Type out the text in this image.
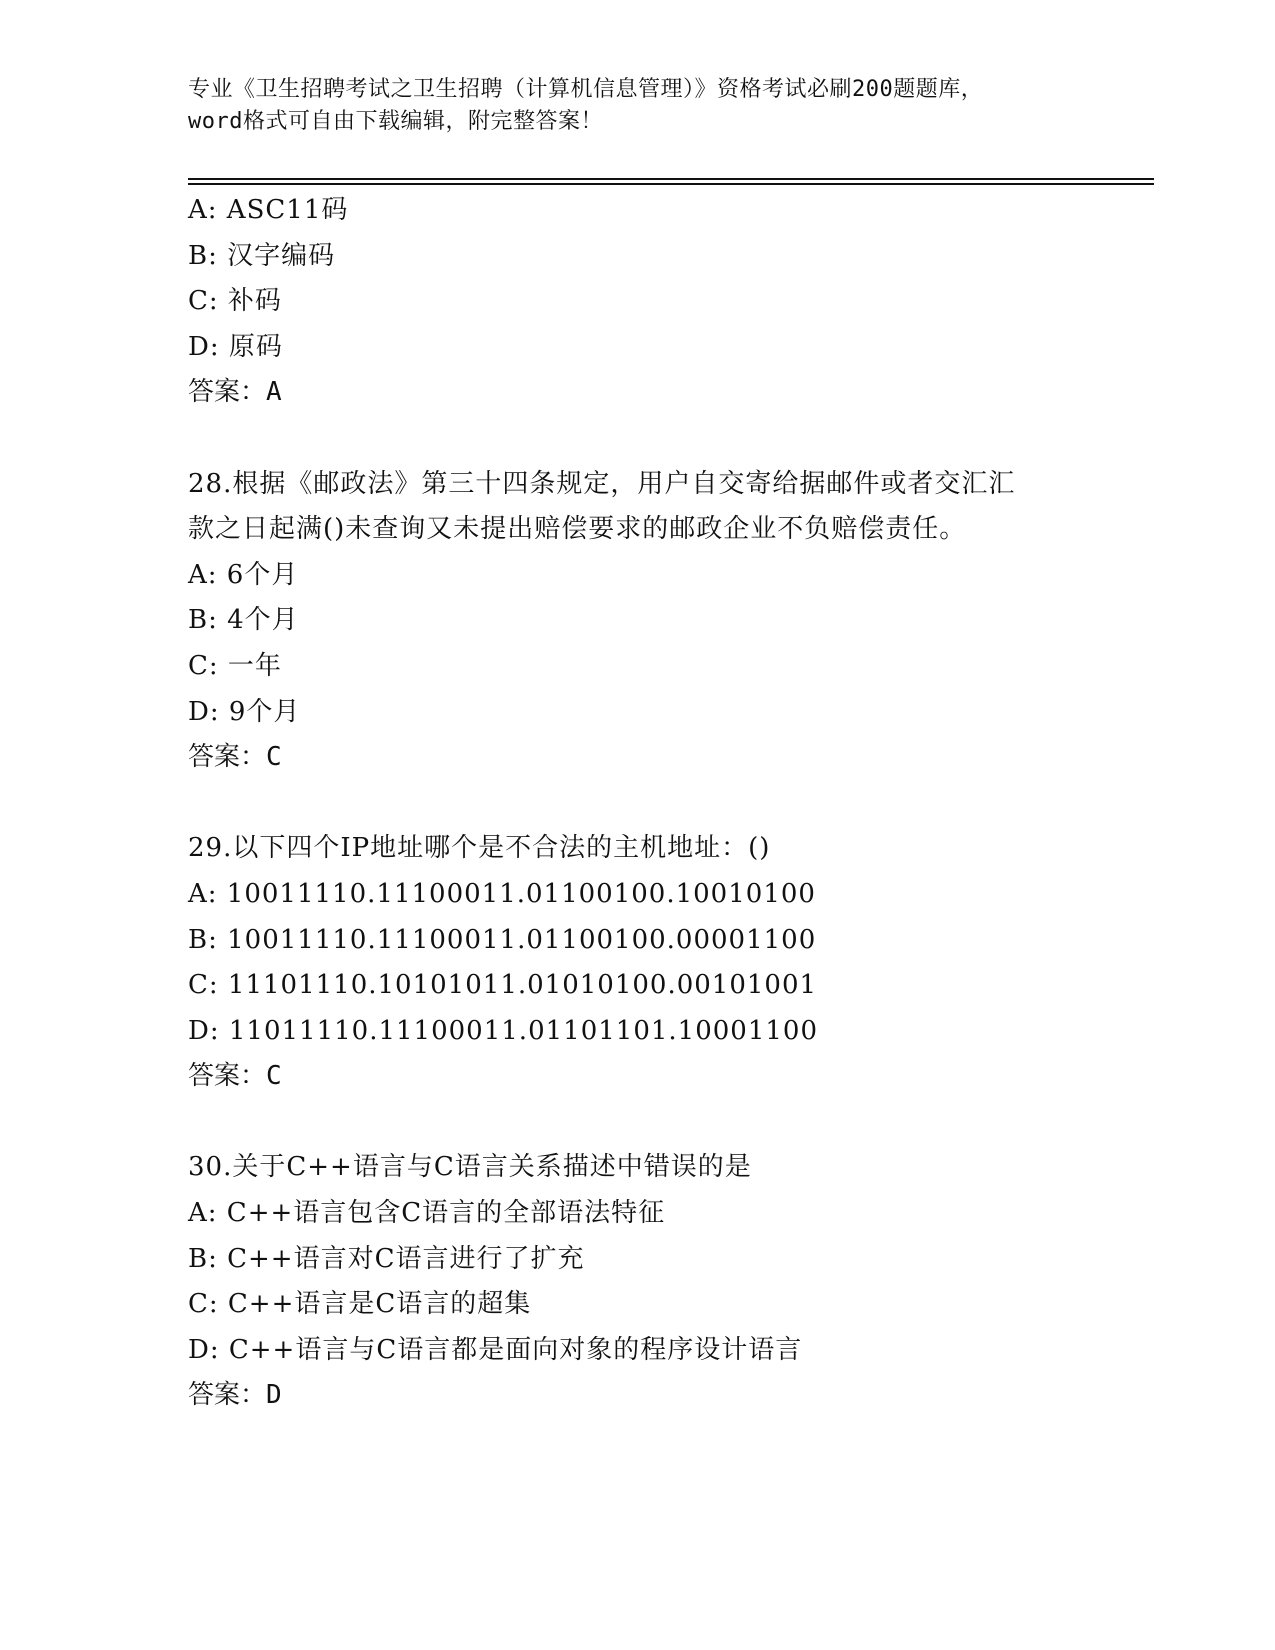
专业《卫生招聘考试之卫生招聘（计算机信息管理）》资格考试必刷200题题库，
word格式可自由下载编辑，附完整答案！
A: ASC11码
B: 汉字编码
C: 补码
D: 原码
答案：A
28.根据《邮政法》第三十四条规定，用户自交寄给据邮件或者交汇汇
款之日起满()未查询又未提出赔偿要求的邮政企业不负赔偿责任。
A: 6个月
B: 4个月
C: 一年
D: 9个月
答案：C
29.以下四个IP地址哪个是不合法的主机地址：()
A: 10011110.11100011.01100100.10010100
B: 10011110.11100011.01100100.00001100
C: 11101110.10101011.01010100.00101001
D: 11011110.11100011.01101101.10001100
答案：C
30.关于C++语言与C语言关系描述中错误的是
A: C++语言包含C语言的全部语法特征
B: C++语言对C语言进行了扩充
C: C++语言是C语言的超集
D: C++语言与C语言都是面向对象的程序设计语言
答案：D
